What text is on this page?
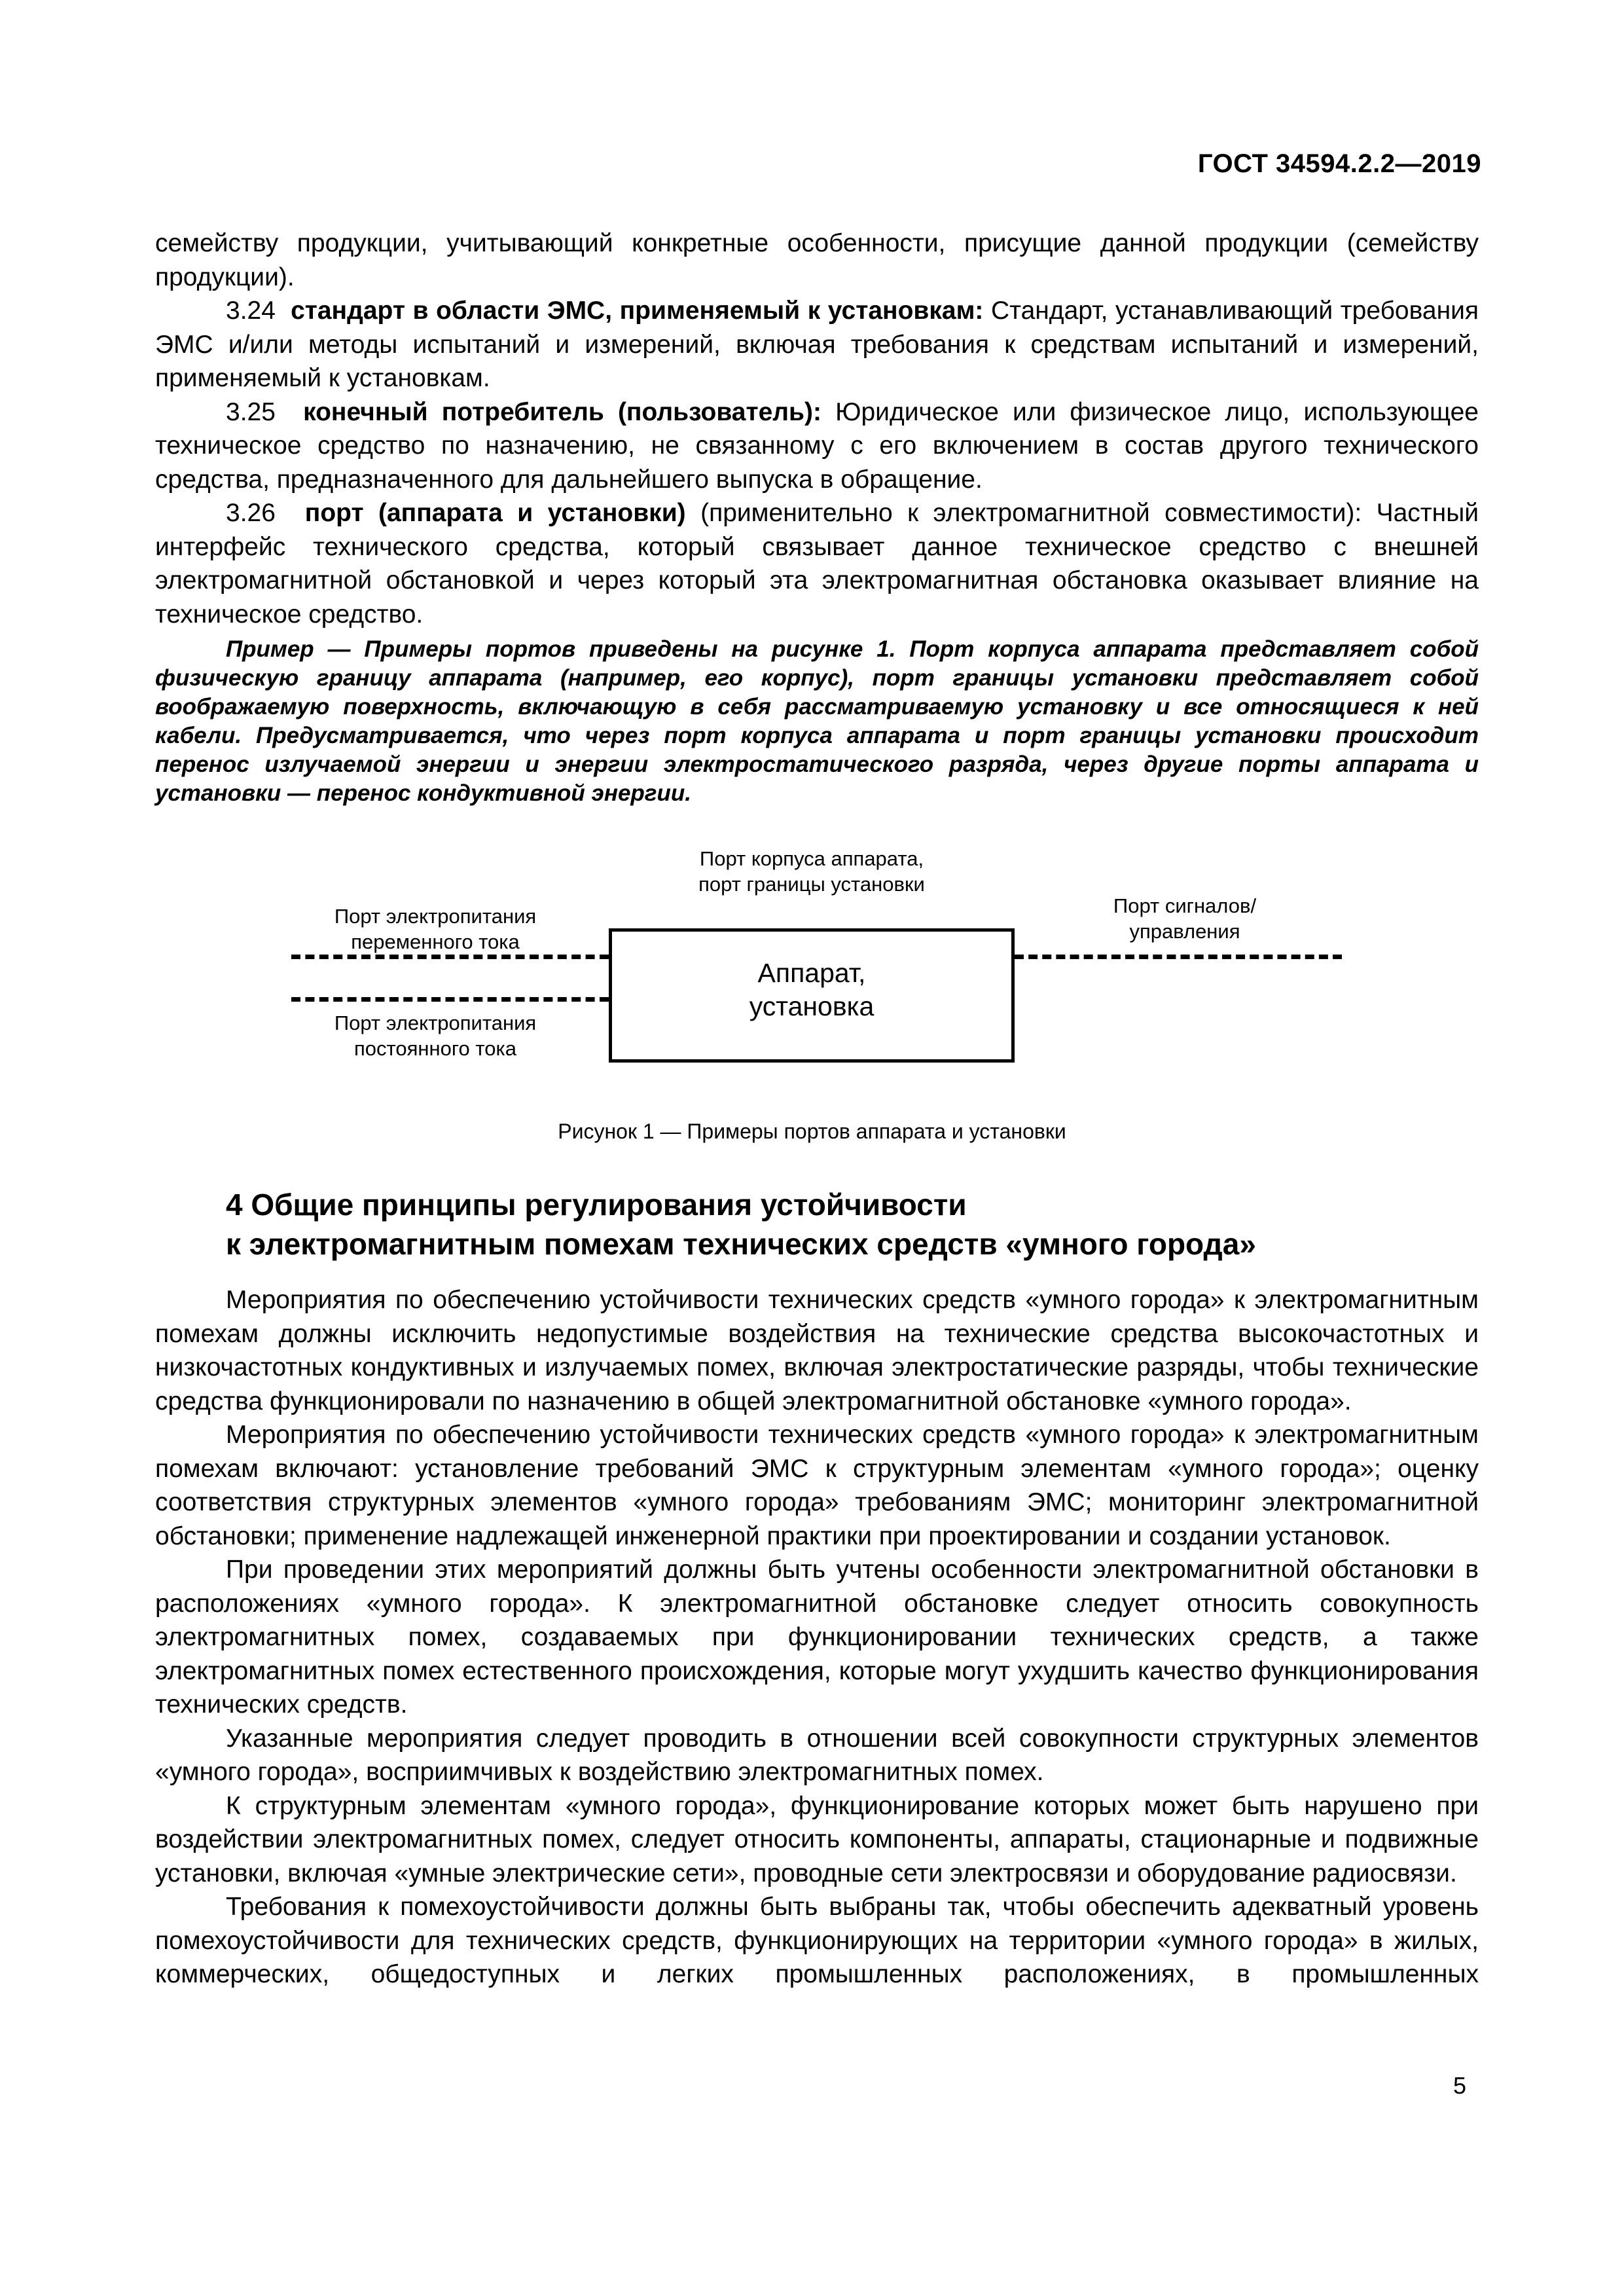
ГОСТ 34594.2.2—2019

семейству продукции, учитывающий конкретные особенности, присущие данной продукции (семейству продукции).

3.24 стандарт в области ЭМС, применяемый к установкам: Стандарт, устанавливающий требования ЭМС и/или методы испытаний и измерений, включая требования к средствам испытаний и измерений, применяемый к установкам.

3.25 конечный потребитель (пользователь): Юридическое или физическое лицо, использующее техническое средство по назначению, не связанному с его включением в состав другого технического средства, предназначенного для дальнейшего выпуска в обращение.

3.26 порт (аппарата и установки) (применительно к электромагнитной совместимости): Частный интерфейс технического средства, который связывает данное техническое средство с внешней электромагнитной обстановкой и через который эта электромагнитная обстановка оказывает влияние на техническое средство.

Пример — Примеры портов приведены на рисунке 1. Порт корпуса аппарата представляет собой физическую границу аппарата (например, его корпус), порт границы установки представляет собой воображаемую поверхность, включающую в себя рассматриваемую установку и все относящиеся к ней кабели. Предусматривается, что через порт корпуса аппарата и порт границы установки происходит перенос излучаемой энергии и энергии электростатического разряда, через другие порты аппарата и установки — перенос кондуктивной энергии.

Порт корпуса аппарата,
порт границы установки
Порт электропитания
переменного тока
Порт сигналов/
управления
Аппарат,
установка
Порт электропитания
постоянного тока
Рисунок 1 — Примеры портов аппарата и установки
4 Общие принципы регулирования устойчивости
к электромагнитным помехам технических средств «умного города»

Мероприятия по обеспечению устойчивости технических средств «умного города» к электромагнитным помехам должны исключить недопустимые воздействия на технические средства высокочастотных и низкочастотных кондуктивных и излучаемых помех, включая электростатические разряды, чтобы технические средства функционировали по назначению в общей электромагнитной обстановке «умного города».

Мероприятия по обеспечению устойчивости технических средств «умного города» к электромагнитным помехам включают: установление требований ЭМС к структурным элементам «умного города»; оценку соответствия структурных элементов «умного города» требованиям ЭМС; мониторинг электромагнитной обстановки; применение надлежащей инженерной практики при проектировании и создании установок.

При проведении этих мероприятий должны быть учтены особенности электромагнитной обстановки в расположениях «умного города». К электромагнитной обстановке следует относить совокупность электромагнитных помех, создаваемых при функционировании технических средств, а также электромагнитных помех естественного происхождения, которые могут ухудшить качество функционирования технических средств.

Указанные мероприятия следует проводить в отношении всей совокупности структурных элементов «умного города», восприимчивых к воздействию электромагнитных помех.

К структурным элементам «умного города», функционирование которых может быть нарушено при воздействии электромагнитных помех, следует относить компоненты, аппараты, стационарные и подвижные установки, включая «умные электрические сети», проводные сети электросвязи и оборудование радиосвязи.

Требования к помехоустойчивости должны быть выбраны так, чтобы обеспечить адекватный уровень помехоустойчивости для технических средств, функционирующих на территории «умного города» в жилых, коммерческих, общедоступных и легких промышленных расположениях, в промышленных

5
